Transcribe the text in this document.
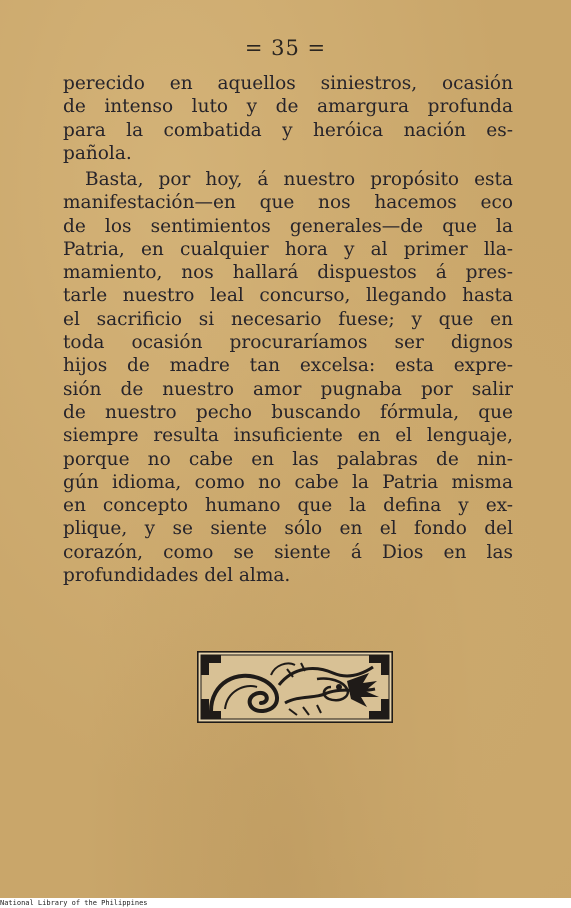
= 35 =
perecido en aquellos siniestros, ocasión
de intenso luto y de amargura profunda
para la combatida y heróica nación es-
pañola.
Basta, por hoy, á nuestro propósito esta
manifestación—en que nos hacemos eco
de los sentimientos generales—de que la
Patria, en cualquier hora y al primer lla-
mamiento, nos hallará dispuestos á pres-
tarle nuestro leal concurso, llegando hasta
el sacrificio si necesario fuese; y que en
toda ocasión procuraríamos ser dignos
hijos de madre tan excelsa: esta expre-
sión de nuestro amor pugnaba por salir
de nuestro pecho buscando fórmula, que
siempre resulta insuficiente en el lenguaje,
porque no cabe en las palabras de nin-
gún idioma, como no cabe la Patria misma
en concepto humano que la defina y ex-
plique, y se siente sólo en el fondo del
corazón, como se siente á Dios en las
profundidades del alma.
National Library of the Philippines
